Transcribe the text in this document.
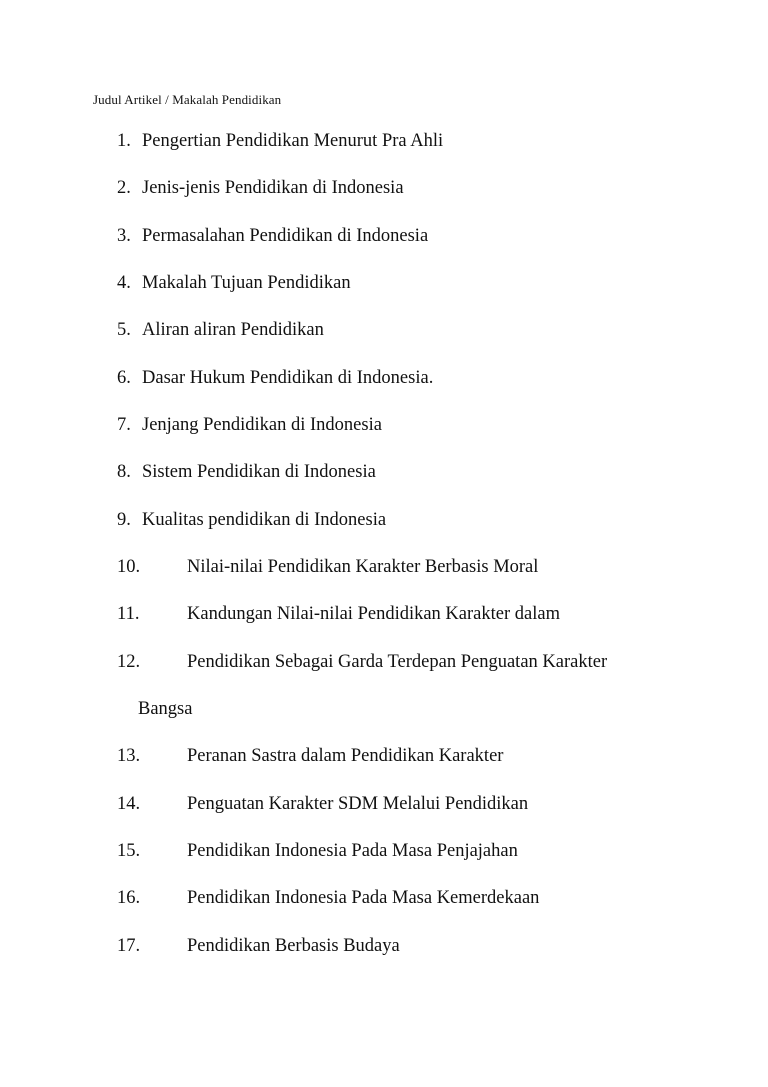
Judul Artikel / Makalah Pendidikan
1. Pengertian Pendidikan Menurut Pra Ahli
2. Jenis-jenis Pendidikan di Indonesia
3. Permasalahan Pendidikan di Indonesia
4. Makalah Tujuan Pendidikan
5. Aliran aliran Pendidikan
6. Dasar Hukum Pendidikan di Indonesia.
7. Jenjang Pendidikan di Indonesia
8. Sistem Pendidikan di Indonesia
9. Kualitas pendidikan di Indonesia
10.	Nilai-nilai Pendidikan Karakter Berbasis Moral
11.	Kandungan Nilai-nilai Pendidikan Karakter dalam
12.	Pendidikan Sebagai Garda Terdepan Penguatan Karakter
Bangsa
13.	Peranan Sastra dalam Pendidikan Karakter
14.	Penguatan Karakter SDM Melalui Pendidikan
15.	Pendidikan Indonesia Pada Masa Penjajahan
16.	Pendidikan Indonesia Pada Masa Kemerdekaan
17.	Pendidikan Berbasis Budaya
